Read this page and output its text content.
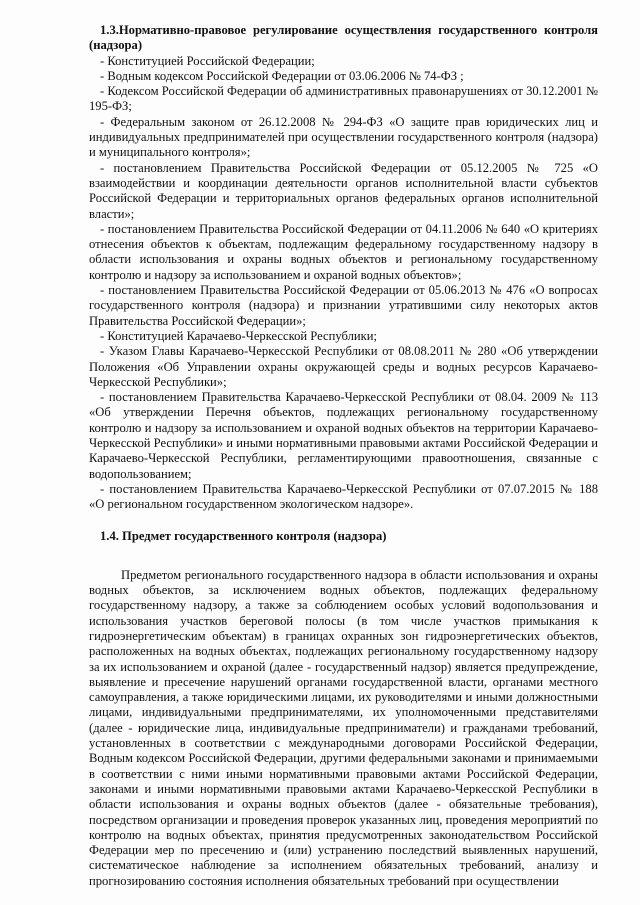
1.3.Нормативно-правовое регулирование осуществления государственного контроля (надзора)

- Конституцией Российской Федерации;

- Водным кодексом Российской Федерации от 03.06.2006 № 74-ФЗ ;

- Кодексом Российской Федерации об административных правонарушениях от 30.12.2001 № 195-ФЗ;

- Федеральным законом от 26.12.2008 № 294-ФЗ «О защите прав юридических лиц и индивидуальных предпринимателей при осуществлении государственного контроля (надзора) и муниципального контроля»;

- постановлением Правительства Российской Федерации от 05.12.2005 № 725 «О взаимодействии и координации деятельности органов исполнительной власти субъектов Российской Федерации и территориальных органов федеральных органов исполнительной власти»;

- постановлением Правительства Российской Федерации от 04.11.2006 № 640 «О критериях отнесения объектов к объектам, подлежащим федеральному государственному надзору в области использования и охраны водных объектов и региональному государственному контролю и надзору за использованием и охраной водных объектов»;

- постановлением Правительства Российской Федерации от 05.06.2013 № 476 «О вопросах государственного контроля (надзора) и признании утратившими силу некоторых актов Правительства Российской Федерации»;

- Конституцией Карачаево-Черкесской Республики;

- Указом Главы Карачаево-Черкесской Республики от 08.08.2011 № 280 «Об утверждении Положения «Об Управлении охраны окружающей среды и водных ресурсов Карачаево-Черкесской Республики»;

- постановлением Правительства Карачаево-Черкесской Республики от 08.04. 2009 № 113 «Об утверждении Перечня объектов, подлежащих региональному государственному контролю и надзору за использованием и охраной водных объектов на территории Карачаево-Черкесской Республики» и иными нормативными правовыми актами Российской Федерации и Карачаево-Черкесской Республики, регламентирующими правоотношения, связанные с водопользованием;

- постановлением Правительства Карачаево-Черкесской Республики от 07.07.2015 № 188 «О региональном государственном экологическом надзоре».

1.4. Предмет государственного контроля (надзора)

Предметом регионального государственного надзора в области использования и охраны водных объектов, за исключением водных объектов, подлежащих федеральному государственному надзору, а также за соблюдением особых условий водопользования и использования участков береговой полосы (в том числе участков примыкания к гидроэнергетическим объектам) в границах охранных зон гидроэнергетических объектов, расположенных на водных объектах, подлежащих региональному государственному надзору за их использованием и охраной (далее - государственный надзор) является предупреждение, выявление и пресечение нарушений органами государственной власти, органами местного самоуправления, а также юридическими лицами, их руководителями и иными должностными лицами, индивидуальными предпринимателями, их уполномоченными представителями (далее - юридические лица, индивидуальные предприниматели) и гражданами требований, установленных в соответствии с международными договорами Российской Федерации, Водным кодексом Российской Федерации, другими федеральными законами и принимаемыми в соответствии с ними иными нормативными правовыми актами Российской Федерации, законами и иными нормативными правовыми актами Карачаево-Черкесской Республики в области использования и охраны водных объектов (далее - обязательные требования), посредством организации и проведения проверок указанных лиц, проведения мероприятий по контролю на водных объектах, принятия предусмотренных законодательством Российской Федерации мер по пресечению и (или) устранению последствий выявленных нарушений, систематическое наблюдение за исполнением обязательных требований, анализу и прогнозированию состояния исполнения обязательных требований при осуществлении
